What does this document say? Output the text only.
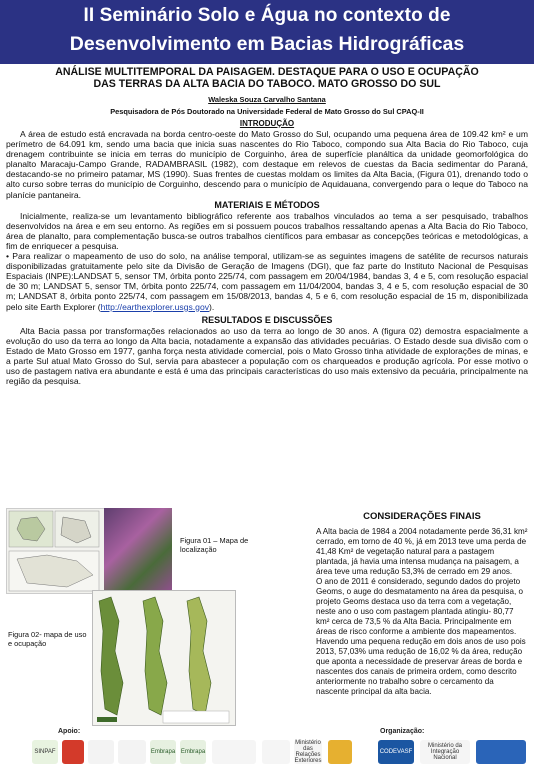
II Seminário Solo e Água no contexto de
Desenvolvimento em Bacias Hidrográficas
ANÁLISE MULTITEMPORAL DA PAISAGEM. DESTAQUE PARA O USO E OCUPAÇÃO
DAS TERRAS DA ALTA BACIA DO TABOCO. MATO GROSSO DO SUL
Waleska Souza Carvalho Santana
Pesquisadora de Pós Doutorado na Universidade Federal de Mato Grosso do Sul CPAQ-II
INTRODUÇÃO

A área de estudo está encravada na borda centro-oeste do Mato Grosso do Sul, ocupando uma pequena área de 109.42 km² e um perímetro de 64.091 km, sendo uma bacia que inicia suas nascentes do Rio Taboco, compondo sua Alta Bacia do Rio Taboco, cuja drenagem contribuinte se inicia em terras do município de Corguinho, área de superfície planáltica da unidade geomorfológica do planalto Maracaju-Campo Grande, RADAMBRASIL (1982), com destaque em relevos de cuestas da Bacia sedimentar do Paraná, destacando-se no primeiro patamar, MS (1990). Suas frentes de cuestas moldam os limites da Alta Bacia, (Figura 01), drenando todo o alto curso sobre terras do município de Corguinho, descendo para o município de Aquidauana, convergendo para o leque do Taboco na planície pantaneira.

MATERIAIS E MÉTODOS

Inicialmente, realiza-se um levantamento bibliográfico referente aos trabalhos vinculados ao tema a ser pesquisado, trabalhos desenvolvidos na área e em seu entorno. As regiões em si possuem poucos trabalhos ressaltando apenas a Alta Bacia do Rio Taboco, área de planalto, para complementação busca-se outros trabalhos científicos para embasar as concepções teóricas e metodológicas, a fim de enriquecer a pesquisa.

• Para realizar o mapeamento de uso do solo, na análise temporal, utilizam-se as seguintes imagens de satélite de recursos naturais disponibilizadas gratuitamente pelo site da Divisão de Geração de Imagens (DGI), que faz parte do Instituto Nacional de Pesquisas Espaciais (INPE):LANDSAT 5, sensor TM, órbita ponto 225/74, com passagem em 20/04/1984, bandas 3, 4 e 5, com resolução espacial de 30 m; LANDSAT 5, sensor TM, órbita ponto 225/74, com passagem em 11/04/2004, bandas 3, 4 e 5, com resolução espacial de 30 m; LANDSAT 8, órbita ponto 225/74, com passagem em 15/08/2013, bandas 4, 5 e 6, com resolução espacial de 15 m, disponibilizada pelo site Earth Explorer (http://earthexplorer.usgs.gov).

RESULTADOS E DISCUSSÕES

Alta Bacia passa por transformações relacionados ao uso da terra ao longo de 30 anos. A (figura 02) demostra espacialmente a evolução do uso da terra ao longo da Alta bacia, notadamente a expansão das atividades pecuárias. O Estado desde sua divisão com o Estado de Mato Grosso em 1977, ganha força nesta atividade comercial, pois o Mato Grosso tinha atividade de explorações de minas, e a parte Sul atual Mato Grosso do Sul, servia para abastecer a população com os charqueados e produção agrícola. Por esse motivo o uso de pastagem nativa era abundante e está é uma das principais características do uso mais extensivo da pecuária, principalmente na região da pesquisa.

Figura 01 – Mapa de localização
Figura 02- mapa de uso e ocupação
CONSIDERAÇÕES FINAIS

A Alta bacia de 1984 a 2004 notadamente perde 36,31 km² cerrado, em torno de 40 %, já em 2013 teve uma perda de 41,48 Km² de vegetação natural para a pastagem plantada, já havia uma intensa mudança na paisagem, a área teve uma redução 53,3% de cerrado em 29 anos.
O ano de 2011 é considerado, segundo dados do projeto Geoms, o auge do desmatamento na área da pesquisa, o projeto Geoms destaca uso da terra com a vegetação, neste ano o uso com pastagem plantada atingiu- 80,77 km² cerca de 73,5 % da Alta Bacia. Principalmente em áreas de risco conforme a ambiente dos mapeamentos. Havendo uma pequena redução em dois anos de uso pois 2013, 57,03% uma redução de 16,02 % da área, redução que aponta a necessidade de preservar áreas de borda e nascentes dos canais de primeira ordem, como descrito anteriormente no trabalho sobre o cercamento da nascente principal da alta bacia.

Apoio:	Organização:
SINPAF	Embrapa Embrapa
Ministério das Relações Exteriores
CODEVASF
Ministério da Integração Nacional
